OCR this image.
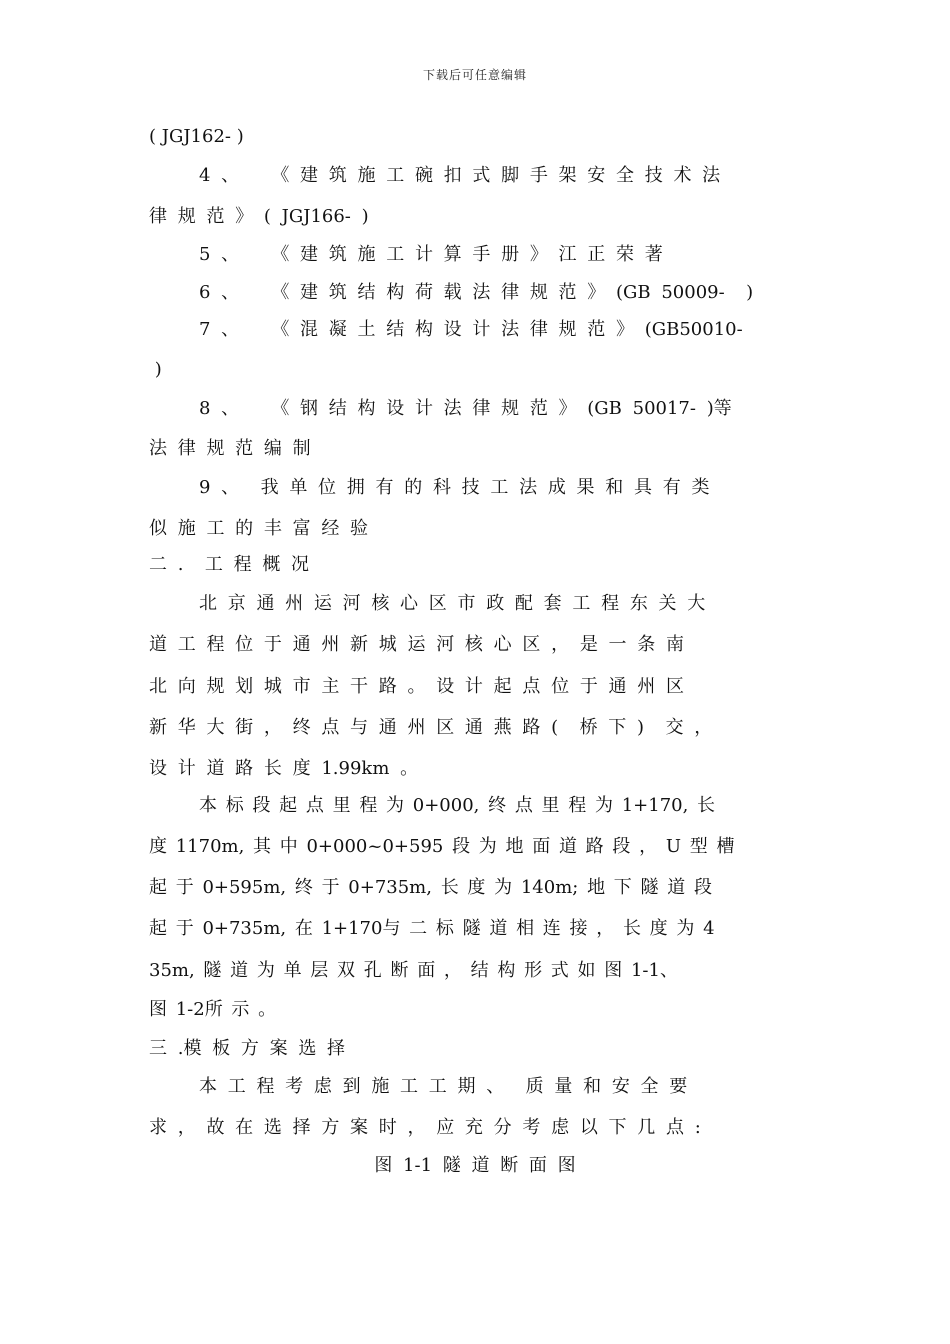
下载后可任意编辑
( JGJ162- )
4 、   《 建 筑 施 工 碗 扣 式 脚 手 架 安 全 技 术 法
律 规 范 》 ( JGJ166- )
5 、   《 建 筑 施 工 计 算 手 册 》 江 正 荣 著
6 、   《 建 筑 结 构 荷 载 法 律 规 范 》 (GB 50009-  )
7 、   《 混 凝 土 结 构 设 计 法 律 规 范 》 (GB50010-
)
8 、   《 钢 结 构 设 计 法 律 规 范 》 (GB 50017- )等
法 律 规 范 编 制
9 、  我 单 位 拥 有 的 科 技 工 法 成 果 和 具 有 类
似 施 工 的 丰 富 经 验
二 .  工 程 概 况
北 京 通 州 运 河 核 心 区 市 政 配 套 工 程 东 关 大
道 工 程 位 于 通 州 新 城 运 河 核 心 区 ， 是 一 条 南
北 向 规 划 城 市 主 干 路 。 设 计 起 点 位 于 通 州 区
新 华 大 街 ， 终 点 与 通 州 区 通 燕 路 (  桥 下 )  交 ，
设 计 道 路 长 度 1.99km 。
本 标 段 起 点 里 程 为 0+000, 终 点 里 程 为 1+170, 长
度 1170m, 其 中 0+000~0+595 段 为 地 面 道 路 段 ， U 型 槽
起 于 0+595m, 终 于 0+735m, 长 度 为 140m; 地 下 隧 道 段
起 于 0+735m, 在 1+170与 二 标 隧 道 相 连 接 ， 长 度 为 4
35m, 隧 道 为 单 层 双 孔 断 面 ， 结 构 形 式 如 图 1-1、
图 1-2所 示 。
三 .模 板 方 案 选 择
本 工 程 考 虑 到 施 工 工 期 、  质 量 和 安 全 要
求 ， 故 在 选 择 方 案 时 ， 应 充 分 考 虑 以 下 几 点 :
图 1-1 隧 道 断 面 图
